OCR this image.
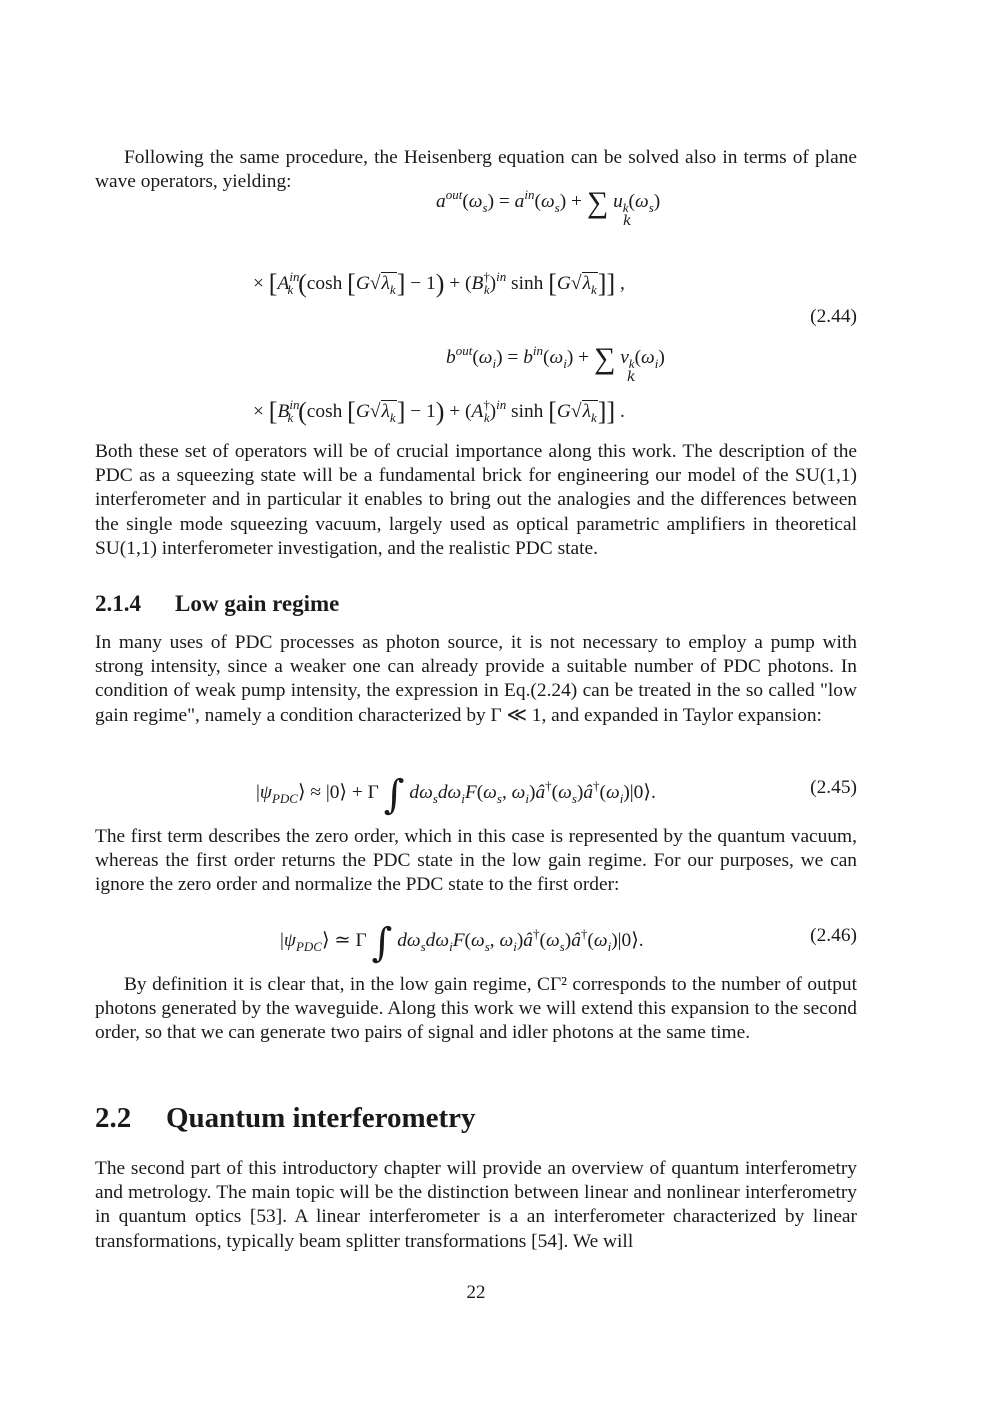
Following the same procedure, the Heisenberg equation can be solved also in terms of plane wave operators, yielding:

$a^{out}(\omega_s) = a^{in}(\omega_s)$ + ∑ $u_k(\omega_s)$
k
× [$A^{in}_k$ (cosh $[G√\lambda_k] - 1) + (B^\dagger_k)^{in}$ $\sinh [G√\lambda_k]$] ,
(2.44)
$b^{out}(\omega_i) = b^{in}(\omega_i)$ + ∑ $v_k(\omega_i)$
k
× [$B^{in}_k$ (cosh $[G√\lambda_k] - 1) + (A^\dagger_k)^{in}$ $\sinh [G√\lambda_k]$] .

Both these set of operators will be of crucial importance along this work. The description of the PDC as a squeezing state will be a fundamental brick for engineering our model of the SU(1,1) interferometer and in particular it enables to bring out the analogies and the differences between the single mode squeezing vacuum, largely used as optical parametric amplifiers in theoretical SU(1,1) interferometer investigation, and the realistic PDC state.

2.1.4 Low gain regime

In many uses of PDC processes as photon source, it is not necessary to employ a pump with strong intensity, since a weaker one can already provide a suitable number of PDC photons. In condition of weak pump intensity, the expression in Eq.(2.24) can be treated in the so called "low gain regime", namely a condition characterized by Γ ≪ 1, and expanded in Taylor expansion:

$|\psi_{PDC}⟩$ ≈ |0⟩ + Γ ∫ $d\omega_sd\omega_iF(\omega_s$, $\omega_i)â^\dagger(\omega_s)â^\dagger(\omega_i)|0⟩$.	(2.45)

The first term describes the zero order, which in this case is represented by the quantum vacuum, whereas the first order returns the PDC state in the low gain regime. For our purposes, we can ignore the zero order and normalize the PDC state to the first order:

$|\psi_{PDC}⟩$ ≃ Γ ∫ $d\omega_sd\omega_iF(\omega_s$, $\omega_i)â^\dagger(\omega_s)â^\dagger(\omega_i)|0⟩$.	(2.46)

By definition it is clear that, in the low gain regime, CΓ² corresponds to the number of output photons generated by the waveguide. Along this work we will extend this expansion to the second order, so that we can generate two pairs of signal and idler photons at the same time.

2.2 Quantum interferometry

The second part of this introductory chapter will provide an overview of quantum interferometry and metrology. The main topic will be the distinction between linear and nonlinear interferometry in quantum optics [53]. A linear interferometer is a an interferometer characterized by linear transformations, typically beam splitter transformations [54]. We will

22
